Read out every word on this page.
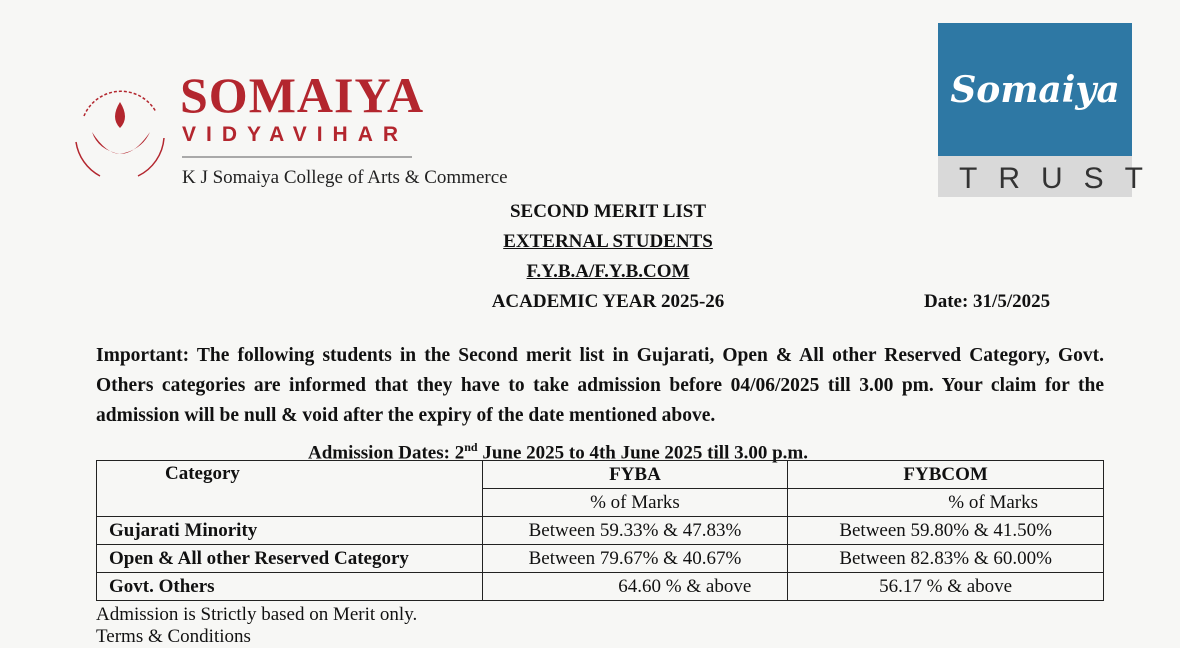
SOMAIYA
VIDYAVIHAR
K J Somaiya College of Arts & Commerce
Somaiya
TRUST
SECOND MERIT LIST
EXTERNAL STUDENTS
F.Y.B.A/F.Y.B.COM
ACADEMIC YEAR 2025-26	Date: 31/5/2025
Important: The following students in the Second merit list in Gujarati, Open & All other Reserved Category, Govt. Others categories are informed that they have to take admission before 04/06/2025 till 3.00 pm. Your claim for the admission will be null & void after the expiry of the date mentioned above.
Admission Dates: 2nd June 2025 to 4th June 2025 till 3.00 p.m.
Category	FYBA	FYBCOM
	% of Marks	% of Marks
Gujarati Minority	Between 59.33% & 47.83%	Between 59.80% & 41.50%
Open & All other Reserved Category	Between 79.67% & 40.67%	Between 82.83% & 60.00%
Govt. Others	64.60 % & above	56.17 % & above
Admission is Strictly based on Merit only.
Terms & Conditions
